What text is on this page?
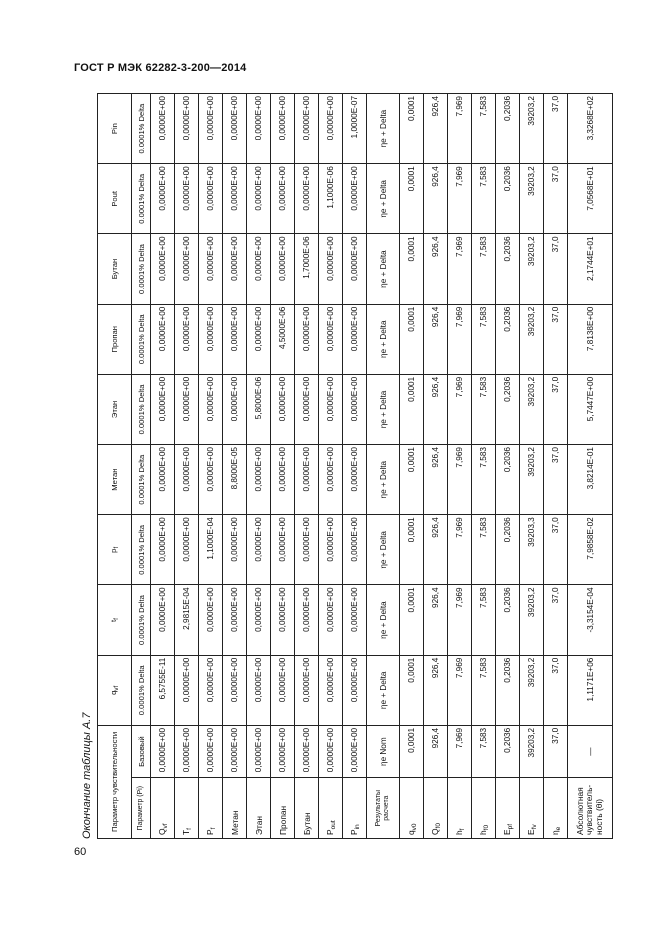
ГОСТ Р МЭК 62282-3-200—2014
60
Окончание таблицы А.7 Параметр чувствительности		$q_{vf}$	$t_f$	$p_f$	Метан	Этан	Пропан	Бутан	Pout	Pin
Параметр (Pi)	Базовый	0.0001% Delta	0.0001% Delta	0.0001% Delta	0.0001% Delta	0.0001% Delta	0.0001% Delta	0.0001% Delta	0.0001% Delta	0.0001% Delta
$Q_{vf}$	0,0000E+00	6,5755E-11	0,0000E+00	0,0000E+00	0,0000E+00	0,0000E+00	0,0000E+00	0,0000E+00	0,0000E+00	0,0000E+00
$T_f$	0,0000E+00	0,0000E+00	2,9815E-04	0,0000E+00	0,0000E+00	0,0000E+00	0,0000E+00	0,0000E+00	0,0000E+00	0,0000E+00
$P_f$	0,0000E+00	0,0000E+00	0,0000E+00	1,1000E-04	0,0000E+00	0,0000E+00	0,0000E+00	0,0000E+00	0,0000E+00	0,0000E+00
Метан	0,0000E+00	0,0000E+00	0,0000E+00	0,0000E+00	8,8000E-05	0,0000E+00	0,0000E+00	0,0000E+00	0,0000E+00	0,0000E+00
Этан	0,0000E+00	0,0000E+00	0,0000E+00	0,0000E+00	0,0000E+00	5,8000E-06	0,0000E+00	0,0000E+00	0,0000E+00	0,0000E+00
Пропан	0,0000E+00	0,0000E+00	0,0000E+00	0,0000E+00	0,0000E+00	0,0000E+00	4,5000E-06	0,0000E+00	0,0000E+00	0,0000E+00
Бутан	0,0000E+00	0,0000E+00	0,0000E+00	0,0000E+00	0,0000E+00	0,0000E+00	0,0000E+00	1,7000E-06	0,0000E+00	0,0000E+00
$P_{out}$	0,0000E+00	0,0000E+00	0,0000E+00	0,0000E+00	0,0000E+00	0,0000E+00	0,0000E+00	0,0000E+00	1,1000E-06	0,0000E+00
$P_{in}$	0,0000E+00	0,0000E+00	0,0000E+00	0,0000E+00	0,0000E+00	0,0000E+00	0,0000E+00	0,0000E+00	0,0000E+00	1,0000E-07
Результаты расчета	ηe Nom	ηe + Delta	ηe + Delta	ηe + Delta	ηe + Delta	ηe + Delta	ηe + Delta	ηe + Delta	ηe + Delta	ηe + Delta
$q_{v0}$	0,0001	0,0001	0,0001	0,0001	0,0001	0,0001	0,0001	0,0001	0,0001	0,0001
$Q_{f0}$	926,4	926,4	926,4	926,4	926,4	926,4	926,4	926,4	926,4	926,4
$h_f$	7,969	7,969	7,969	7,969	7,969	7,969	7,969	7,969	7,969	7,969
$h_{f0}$	7,583	7,583	7,583	7,583	7,583	7,583	7,583	7,583	7,583	7,583
$E_{pf}$	0,2036	0,2036	0,2036	0,2036	0,2036	0,2036	0,2036	0,2036	0,2036	0,2036
$E_{fv}$	39203,2	39203,2	39203,2	39203,3	39203,2	39203,2	39203,2	39203,2	39203,2	39203,2
$\eta_e$	37,0	37,0	37,0	37,0	37,0	37,0	37,0	37,0	37,0	37,0
Абсолютная чувствитель-ность (θi)	—	1,1171E+06	-3,3154E-04	7,9858E-02	3,8214E-01	5,7447E+00	7,8138E+00	2,1744E+01	7,0568E+01	3,3268E+02
